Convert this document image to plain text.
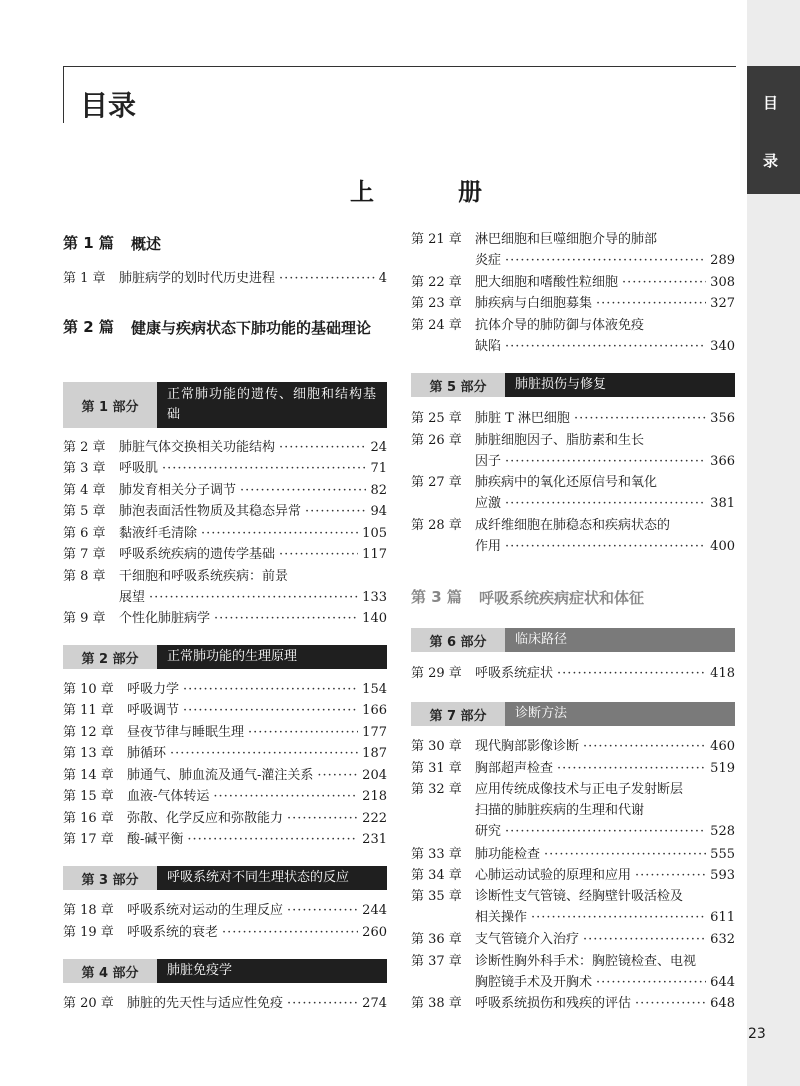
目
录
目录
上　册
第 1 篇 概述
第 1 章 肺脏病学的划时代历史进程 ·····	4
第 2 篇 健康与疾病状态下肺功能的基础理论
第 1 部分
正常肺功能的遗传、细胞和结构基础
第 2 章 肺脏气体交换相关功能结构 ·····	24
第 3 章 呼吸肌 ·····	71
第 4 章 肺发育相关分子调节 ·····	82
第 5 章 肺泡表面活性物质及其稳态异常 ·····	94
第 6 章 黏液纤毛清除 ·····	105
第 7 章 呼吸系统疾病的遗传学基础 ·····	117
第 8 章 干细胞和呼吸系统疾病：前景
展望 ·····	133
第 9 章 个性化肺脏病学 ·····	140
第 2 部分	正常肺功能的生理原理
第 10 章 呼吸力学 ·····	154
第 11 章 呼吸调节 ·····	166
第 12 章 昼夜节律与睡眠生理 ·····	177
第 13 章 肺循环 ·····	187
第 14 章 肺通气、肺血流及通气-灌注关系 ·····	204
第 15 章 血液-气体转运 ·····	218
第 16 章 弥散、化学反应和弥散能力 ·····	222
第 17 章 酸-碱平衡 ·····	231
第 3 部分	呼吸系统对不同生理状态的反应
第 18 章 呼吸系统对运动的生理反应 ·····	244
第 19 章 呼吸系统的衰老 ·····	260
第 4 部分	肺脏免疫学
第 20 章 肺脏的先天性与适应性免疫 ·····	274
第 21 章 淋巴细胞和巨噬细胞介导的肺部
炎症 ·····	289
第 22 章 肥大细胞和嗜酸性粒细胞 ·····	308
第 23 章 肺疾病与白细胞募集 ·····	327
第 24 章 抗体介导的肺防御与体液免疫
缺陷 ·····	340
第 5 部分	肺脏损伤与修复
第 25 章 肺脏 T 淋巴细胞 ·····	356
第 26 章 肺脏细胞因子、脂肪素和生长
因子 ·····	366
第 27 章 肺疾病中的氧化还原信号和氧化
应激 ·····	381
第 28 章 成纤维细胞在肺稳态和疾病状态的
作用 ·····	400
第 3 篇 呼吸系统疾病症状和体征
第 6 部分	临床路径
第 29 章 呼吸系统症状 ·····	418
第 7 部分	诊断方法
第 30 章 现代胸部影像诊断 ·····	460
第 31 章 胸部超声检查 ·····	519
第 32 章 应用传统成像技术与正电子发射断层
扫描的肺脏疾病的生理和代谢
研究 ·····	528
第 33 章 肺功能检查 ·····	555
第 34 章 心肺运动试验的原理和应用 ·····	593
第 35 章 诊断性支气管镜、经胸壁针吸活检及
相关操作 ·····	611
第 36 章 支气管镜介入治疗 ·····	632
第 37 章 诊断性胸外科手术：胸腔镜检查、电视
胸腔镜手术及开胸术 ·····	644
第 38 章 呼吸系统损伤和残疾的评估 ·····	648
23
